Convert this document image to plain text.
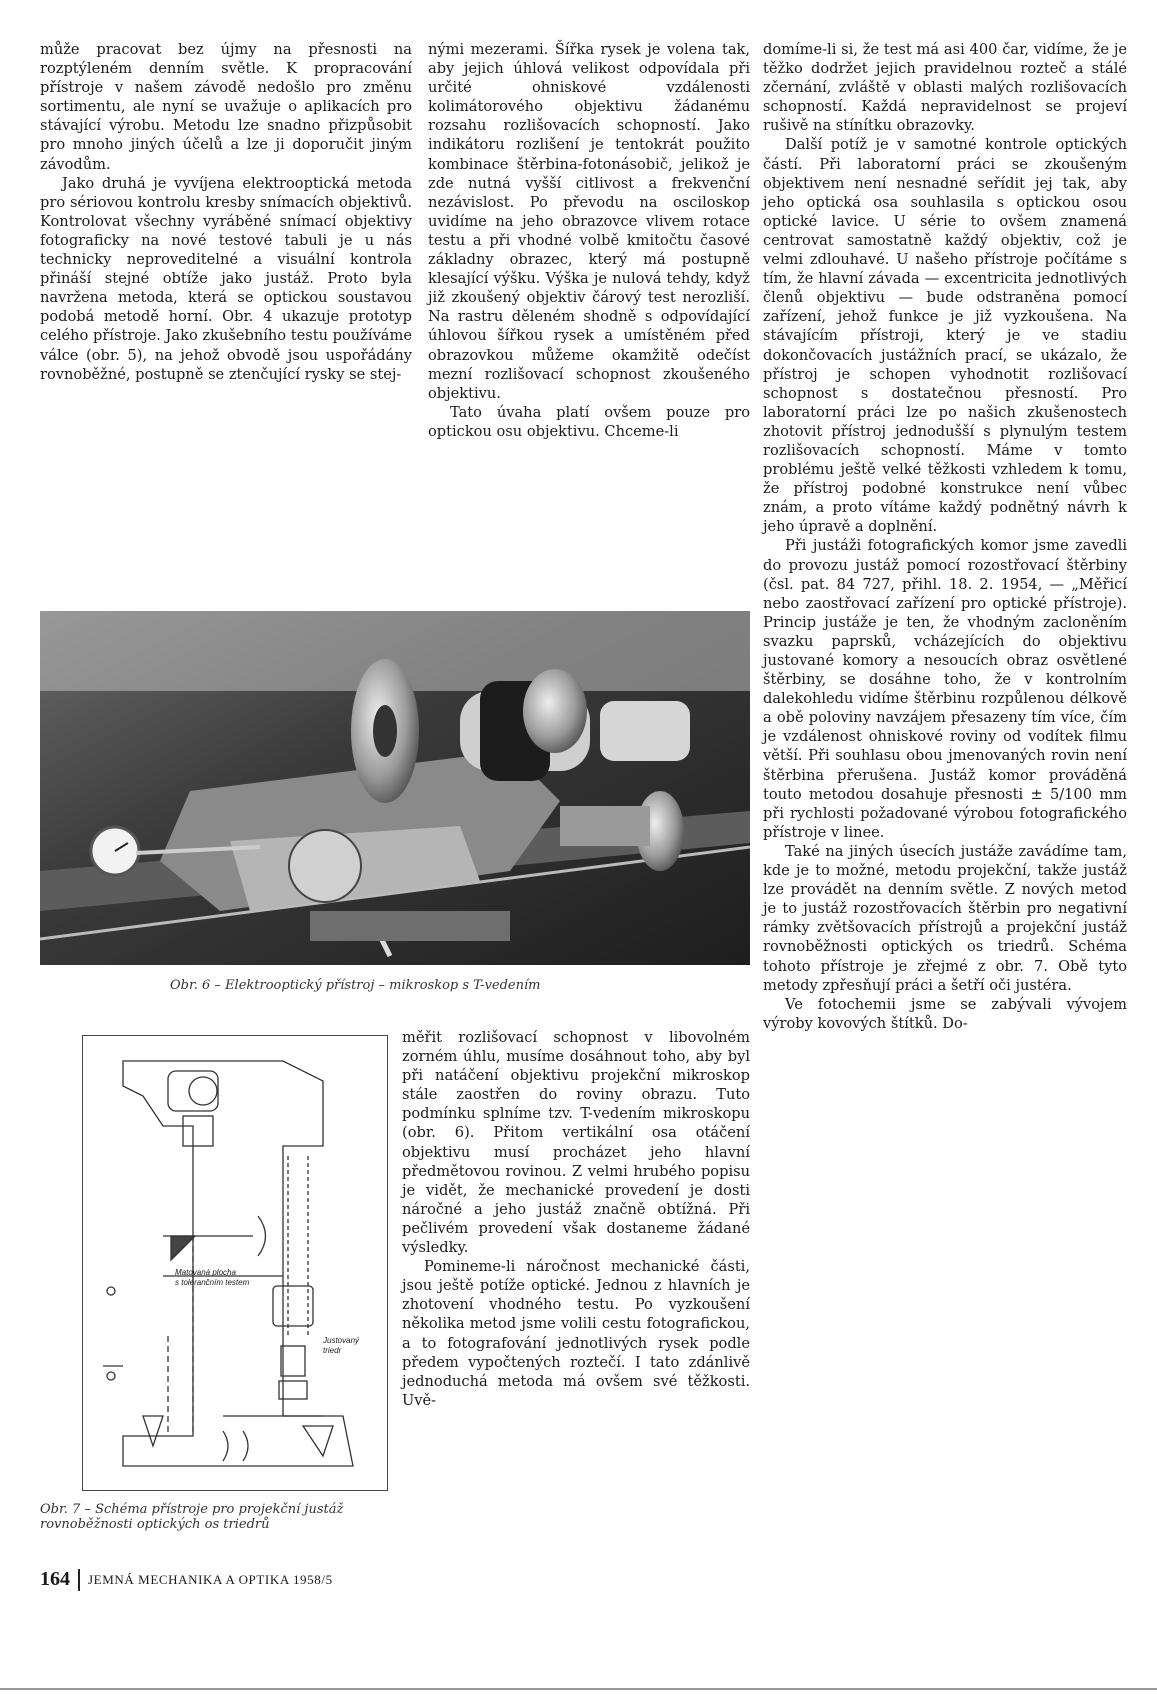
může pracovat bez újmy na přesnosti na rozptýleném denním světle. K propracování přístroje v našem závodě nedošlo pro změnu sortimentu, ale nyní se uvažuje o aplikacích pro stávající výrobu. Metodu lze snadno přizpůsobit pro mnoho jiných účelů a lze ji doporučit jiným závodům.

Jako druhá je vyvíjena elektrooptická metoda pro sériovou kontrolu kresby snímacích objektivů. Kontrolovat všechny vyráběné snímací objektivy fotograficky na nové testové tabuli je u nás technicky neproveditelné a visuální kontrola přináší stejné obtíže jako justáž. Proto byla navržena metoda, která se optickou soustavou podobá metodě horní. Obr. 4 ukazuje prototyp celého přístroje. Jako zkušebního testu používáme válce (obr. 5), na jehož obvodě jsou uspořádány rovnoběžné, postupně se ztenčující rysky se stej-

nými mezerami. Šířka rysek je volena tak, aby jejich úhlová velikost odpovídala při určité ohniskové vzdálenosti kolimátorového objektivu žádanému rozsahu rozlišovacích schopností. Jako indikátoru rozlišení je tentokrát použito kombinace štěrbina-fotonásobič, jelikož je zde nutná vyšší citlivost a frekvenční nezávislost. Po převodu na osciloskop uvidíme na jeho obrazovce vlivem rotace testu a při vhodné volbě kmitočtu časové základny obrazec, který má postupně klesající výšku. Výška je nulová tehdy, když již zkoušený objektiv čárový test nerozliší. Na rastru děleném shodně s odpovídající úhlovou šířkou rysek a umístěném před obrazovkou můžeme okamžitě odečíst mezní rozlišovací schopnost zkoušeného objektivu.

Tato úvaha platí ovšem pouze pro optickou osu objektivu. Chceme-li

domíme-li si, že test má asi 400 čar, vidíme, že je těžko dodržet jejich pravidelnou rozteč a stálé zčernání, zvláště v oblasti malých rozlišovacích schopností. Každá nepravidelnost se projeví rušivě na stínítku obrazovky.

Další potíž je v samotné kontrole optických částí. Při laboratorní práci se zkoušeným objektivem není nesnadné seřídit jej tak, aby jeho optická osa souhlasila s optickou osou optické lavice. U série to ovšem znamená centrovat samostatně každý objektiv, což je velmi zdlouhavé. U našeho přístroje počítáme s tím, že hlavní závada — excentricita jednotlivých členů objektivu — bude odstraněna pomocí zařízení, jehož funkce je již vyzkoušena. Na stávajícím přístroji, který je ve stadiu dokončovacích justážních prací, se ukázalo, že přístroj je schopen vyhodnotit rozlišovací schopnost s dostatečnou přesností. Pro laboratorní práci lze po našich zkušenostech zhotovit přístroj jednodušší s plynulým testem rozlišovacích schopností. Máme v tomto problému ještě velké těžkosti vzhledem k tomu, že přístroj podobné konstrukce není vůbec znám, a proto vítáme každý podnětný návrh k jeho úpravě a doplnění.

Při justáži fotografických komor jsme zavedli do provozu justáž pomocí rozostřovací štěrbiny (čsl. pat. 84 727, přihl. 18. 2. 1954, — „Měřicí nebo zaostřovací zařízení pro optické přístroje). Princip justáže je ten, že vhodným zacloněním svazku paprsků, vcházejících do objektivu justované komory a nesoucích obraz osvětlené štěrbiny, se dosáhne toho, že v kontrolním dalekohledu vidíme štěrbinu rozpůlenou délkově a obě poloviny navzájem přesazeny tím více, čím je vzdálenost ohniskové roviny od vodítek filmu větší. Při souhlasu obou jmenovaných rovin není štěrbina přerušena. Justáž komor prováděná touto metodou dosahuje přesnosti ± 5/100 mm při rychlosti požadované výrobou fotografického přístroje v linee.

Také na jiných úsecích justáže zavádíme tam, kde je to možné, metodu projekční, takže justáž lze provádět na denním světle. Z nových metod je to justáž rozostřovacích štěrbin pro negativní rámky zvětšovacích přístrojů a projekční justáž rovnoběžnosti optických os triedrů. Schéma tohoto přístroje je zřejmé z obr. 7. Obě tyto metody zpřesňují práci a šetří oči justéra.

Ve fotochemii jsme se zabývali vývojem výroby kovových štítků. Do-

Obr. 6 – Elektrooptický přístroj – mikroskop s T-vedením
Matovaná plocha
s tolerančním testem
Justovaný
triedr
Obr. 7 – Schéma přístroje pro projekční justáž rovnoběžnosti optických os triedrů

měřit rozlišovací schopnost v libovolném zorném úhlu, musíme dosáhnout toho, aby byl při natáčení objektivu projekční mikroskop stále zaostřen do roviny obrazu. Tuto podmínku splníme tzv. T-vedením mikroskopu (obr. 6). Přitom vertikální osa otáčení objektivu musí procházet jeho hlavní předmětovou rovinou. Z velmi hrubého popisu je vidět, že mechanické provedení je dosti náročné a jeho justáž značně obtížná. Při pečlivém provedení však dostaneme žádané výsledky.

Pomineme-li náročnost mechanické části, jsou ještě potíže optické. Jednou z hlavních je zhotovení vhodného testu. Po vyzkoušení několika metod jsme volili cestu fotografickou, a to fotografování jednotlivých rysek podle předem vypočtených roztečí. I tato zdánlivě jednoduchá metoda má ovšem své těžkosti. Uvě-

164 JEMNÁ MECHANIKA A OPTIKA 1958/5
